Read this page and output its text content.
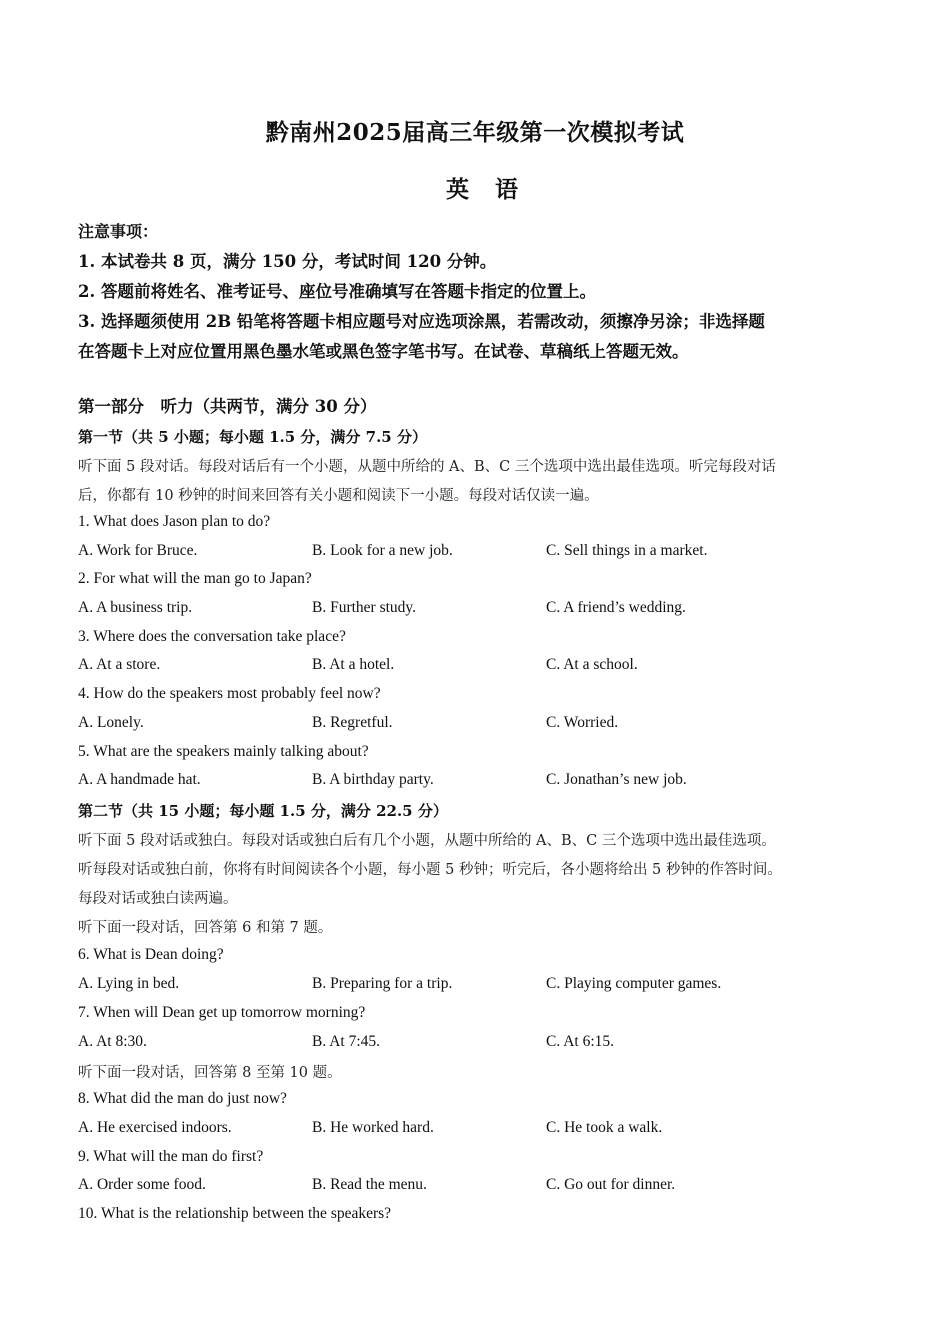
黔南州2025届高三年级第一次模拟考试
英语
注意事项：
1. 本试卷共 8 页，满分 150 分，考试时间 120 分钟。
2. 答题前将姓名、准考证号、座位号准确填写在答题卡指定的位置上。
3. 选择题须使用 2B 铅笔将答题卡相应题号对应选项涂黑，若需改动，须擦净另涂；非选择题
在答题卡上对应位置用黑色墨水笔或黑色签字笔书写。在试卷、草稿纸上答题无效。
第一部分　听力（共两节，满分 30 分）
第一节（共 5 小题；每小题 1.5 分，满分 7.5 分）
听下面 5 段对话。每段对话后有一个小题，从题中所给的 A、B、C 三个选项中选出最佳选项。听完每段对话
后，你都有 10 秒钟的时间来回答有关小题和阅读下一小题。每段对话仅读一遍。
1. What does Jason plan to do?
A. Work for Bruce.	B. Look for a new job.	C. Sell things in a market.
2. For what will the man go to Japan?
A. A business trip.	B. Further study.	C. A friend’s wedding.
3. Where does the conversation take place?
A. At a store.	B. At a hotel.	C. At a school.
4. How do the speakers most probably feel now?
A. Lonely.	B. Regretful.	C. Worried.
5. What are the speakers mainly talking about?
A. A handmade hat.	B. A birthday party.	C. Jonathan’s new job.
第二节（共 15 小题；每小题 1.5 分，满分 22.5 分）
听下面 5 段对话或独白。每段对话或独白后有几个小题，从题中所给的 A、B、C 三个选项中选出最佳选项。
听每段对话或独白前，你将有时间阅读各个小题，每小题 5 秒钟；听完后，各小题将给出 5 秒钟的作答时间。
每段对话或独白读两遍。
听下面一段对话，回答第 6 和第 7 题。
6. What is Dean doing?
A. Lying in bed.	B. Preparing for a trip.	C. Playing computer games.
7. When will Dean get up tomorrow morning?
A. At 8:30.	B. At 7:45.	C. At 6:15.
听下面一段对话，回答第 8 至第 10 题。
8. What did the man do just now?
A. He exercised indoors.	B. He worked hard.	C. He took a walk.
9. What will the man do first?
A. Order some food.	B. Read the menu.	C. Go out for dinner.
10. What is the relationship between the speakers?
